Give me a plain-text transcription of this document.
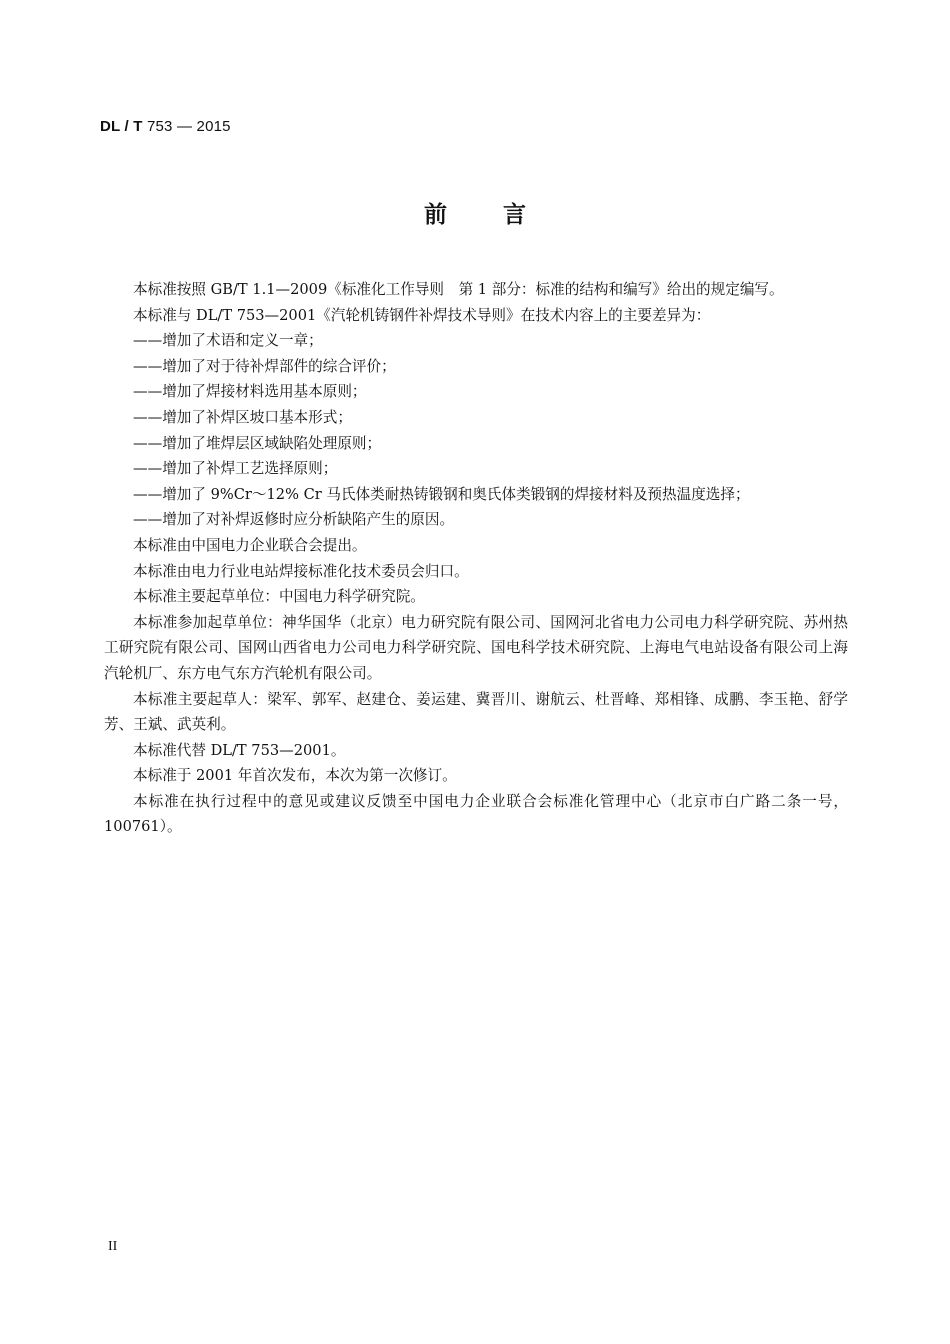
DL / T 753 — 2015
前言

本标准按照 GB/T 1.1—2009《标准化工作导则　第 1 部分：标准的结构和编写》给出的规定编写。

本标准与 DL/T 753—2001《汽轮机铸钢件补焊技术导则》在技术内容上的主要差异为：

——增加了术语和定义一章；

——增加了对于待补焊部件的综合评价；

——增加了焊接材料选用基本原则；

——增加了补焊区坡口基本形式；

——增加了堆焊层区域缺陷处理原则；

——增加了补焊工艺选择原则；

——增加了 9%Cr～12% Cr 马氏体类耐热铸锻钢和奥氏体类锻钢的焊接材料及预热温度选择；

——增加了对补焊返修时应分析缺陷产生的原因。

本标准由中国电力企业联合会提出。

本标准由电力行业电站焊接标准化技术委员会归口。

本标准主要起草单位：中国电力科学研究院。

本标准参加起草单位：神华国华（北京）电力研究院有限公司、国网河北省电力公司电力科学研究院、苏州热工研究院有限公司、国网山西省电力公司电力科学研究院、国电科学技术研究院、上海电气电站设备有限公司上海汽轮机厂、东方电气东方汽轮机有限公司。

本标准主要起草人：梁军、郭军、赵建仓、姜运建、冀晋川、谢航云、杜晋峰、郑相锋、成鹏、李玉艳、舒学芳、王斌、武英利。

本标准代替 DL/T 753—2001。

本标准于 2001 年首次发布，本次为第一次修订。

本标准在执行过程中的意见或建议反馈至中国电力企业联合会标准化管理中心（北京市白广路二条一号，100761）。

II
